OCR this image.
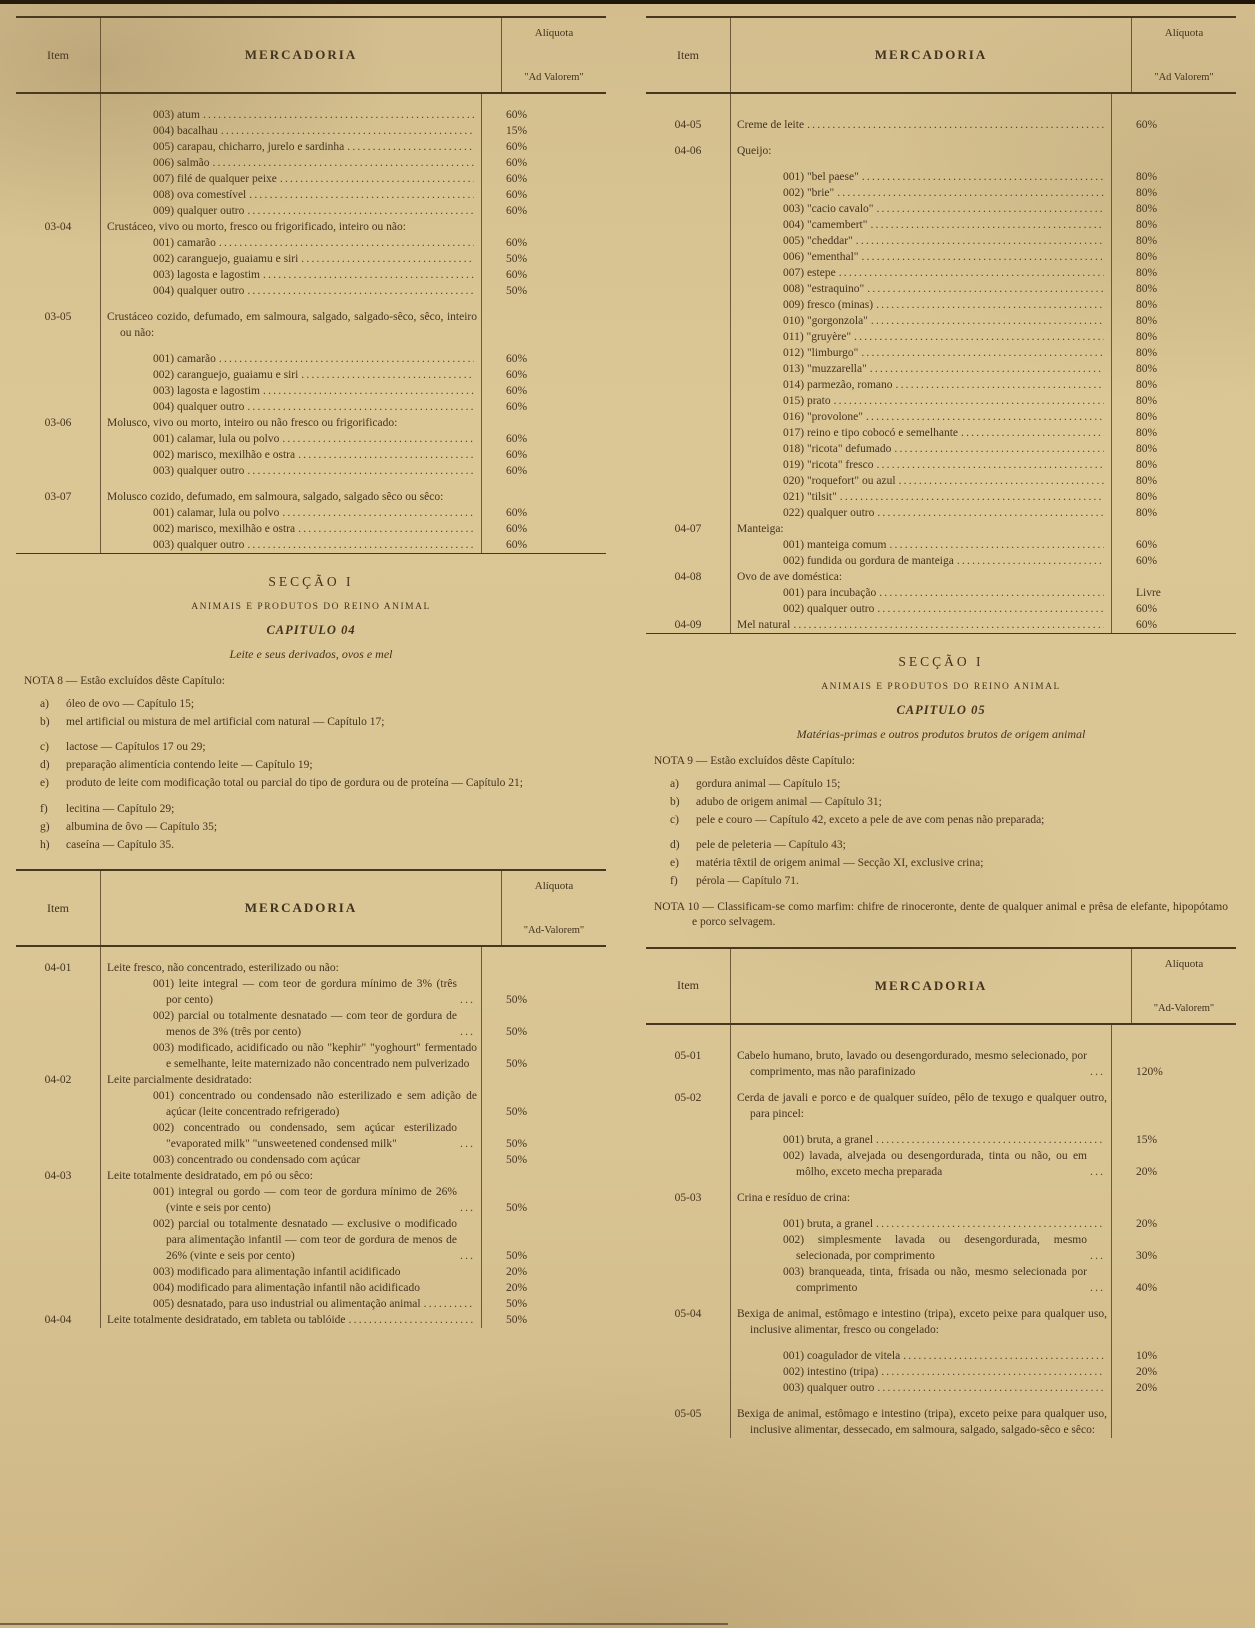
Item	MERCADORIA
Alíquota
"Ad Valorem"
003) atum .....	60%
004) bacalhau .....	15%
005) carapau, chicharro, jurelo e sardinha .....	60%
006) salmão .....	60%
007) filé de qualquer peixe .....	60%
008) ova comestível .....	60%
009) qualquer outro .....	60%
03-04	Crustáceo, vivo ou morto, fresco ou frigorificado, inteiro ou não:
001) camarão .....	60%
002) caranguejo, guaiamu e siri .....	50%
003) lagosta e lagostim .....	60%
004) qualquer outro .....	50%
03-05	Crustáceo cozido, defumado, em salmoura, salgado, salgado-sêco, sêco, inteiro ou não:
001) camarão .....	60%
002) caranguejo, guaiamu e siri .....	60%
003) lagosta e lagostim .....	60%
004) qualquer outro .....	60%
03-06	Molusco, vivo ou morto, inteiro ou não fresco ou frigorificado:
001) calamar, lula ou polvo .....	60%
002) marisco, mexilhão e ostra .....	60%
003) qualquer outro .....	60%
03-07	Molusco cozido, defumado, em salmoura, salgado, salgado sêco ou sêco:
001) calamar, lula ou polvo .....	60%
002) marisco, mexilhão e ostra .....	60%
003) qualquer outro .....	60%
SECÇÃO I
ANIMAIS E PRODUTOS DO REINO ANIMAL
CAPITULO 04
Leite e seus derivados, ovos e mel
NOTA 8 — Estão excluídos dêste Capítulo:
a)	óleo de ovo — Capítulo 15;
b)	mel artificial ou mistura de mel artificial com natural — Capítulo 17;
c)	lactose — Capítulos 17 ou 29;
d)	preparação alimentícia contendo leite — Capítulo 19;
e)	produto de leite com modificação total ou parcial do tipo de gordura ou de proteína — Capítulo 21;
f)	lecitina — Capítulo 29;
g)	albumina de ôvo — Capítulo 35;
h)	caseína — Capítulo 35.
Item	MERCADORIA
Alíquota
"Ad-Valorem"
04-01	Leite fresco, não concentrado, esterilizado ou não:
001) leite integral — com teor de gordura mínimo de 3% (três por cento) .....	50%
002) parcial ou totalmente desnatado — com teor de gordura de menos de 3% (três por cento) .....	50%
003) modificado, acidificado ou não "kephir" "yoghourt" fermentado e semelhante, leite maternizado não concentrado nem pulverizado	50%
04-02	Leite parcialmente desidratado:
001) concentrado ou condensado não esterilizado e sem adição de açúcar (leite concentrado refrigerado)	50%
002) concentrado ou condensado, sem açúcar esterilizado "evaporated milk" "unsweetened condensed milk" .....	50%
003) concentrado ou condensado com açúcar	50%
04-03	Leite totalmente desidratado, em pó ou sêco:
001) integral ou gordo — com teor de gordura mínimo de 26% (vinte e seis por cento) .....	50%
002) parcial ou totalmente desnatado — exclusive o modificado para alimentação infantil — com teor de gordura de menos de 26% (vinte e seis por cento) .....	50%
003) modificado para alimentação infantil acidificado	20%
004) modificado para alimentação infantil não acidificado	20%
005) desnatado, para uso industrial ou alimentação animal .....	50%
04-04	Leite totalmente desidratado, em tableta ou tablóide .....	50%
Item	MERCADORIA
Alíquota
"Ad Valorem"
04-05	Creme de leite .....	60%
04-06	Queijo:
001) "bel paese" .....	80%
002) "brie" .....	80%
003) "cacio cavalo" .....	80%
004) "camembert" .....	80%
005) "cheddar" .....	80%
006) "ementhal" .....	80%
007) estepe .....	80%
008) "estraquino" .....	80%
009) fresco (minas) .....	80%
010) "gorgonzola" .....	80%
011) "gruyère" .....	80%
012) "limburgo" .....	80%
013) "muzzarella" .....	80%
014) parmezão, romano .....	80%
015) prato .....	80%
016) "provolone" .....	80%
017) reino e tipo cobocó e semelhante .....	80%
018) "ricota" defumado .....	80%
019) "ricota" fresco .....	80%
020) "roquefort" ou azul .....	80%
021) "tilsit" .....	80%
022) qualquer outro .....	80%
04-07	Manteiga:
001) manteiga comum .....	60%
002) fundida ou gordura de manteiga .....	60%
04-08	Ovo de ave doméstica:
001) para incubação .....	Livre
002) qualquer outro .....	60%
04-09	Mel natural .....	60%
SECÇÃO I
ANIMAIS E PRODUTOS DO REINO ANIMAL
CAPITULO 05
Matérias-primas e outros produtos brutos de origem animal
NOTA 9 — Estão excluídos dêste Capítulo:
a)	gordura animal — Capítulo 15;
b)	adubo de origem animal — Capítulo 31;
c)	pele e couro — Capítulo 42, exceto a pele de ave com penas não preparada;
d)	pele de peleteria — Capítulo 43;
e)	matéria têxtil de origem animal — Secção XI, exclusive crina;
f)	pérola — Capítulo 71.
NOTA 10 — Classificam-se como marfim: chifre de rinoceronte, dente de qualquer animal e prêsa de elefante, hipopótamo e porco selvagem.
Item	MERCADORIA
Alíquota
"Ad-Valorem"
05-01	Cabelo humano, bruto, lavado ou desengordurado, mesmo selecionado, por comprimento, mas não parafinizado .....	120%
05-02	Cerda de javali e porco e de qualquer suídeo, pêlo de texugo e qualquer outro, para pincel:
001) bruta, a granel .....	15%
002) lavada, alvejada ou desengordurada, tinta ou não, ou em môlho, exceto mecha preparada .....	20%
05-03	Crina e resíduo de crina:
001) bruta, a granel .....	20%
002) simplesmente lavada ou desengordurada, mesmo selecionada, por comprimento .....	30%
003) branqueada, tinta, frisada ou não, mesmo selecionada por comprimento .....	40%
05-04	Bexiga de animal, estômago e intestino (tripa), exceto peixe para qualquer uso, inclusive alimentar, fresco ou congelado:
001) coagulador de vitela .....	10%
002) intestino (tripa) .....	20%
003) qualquer outro .....	20%
05-05	Bexiga de animal, estômago e intestino (tripa), exceto peixe para qualquer uso, inclusive alimentar, dessecado, em salmoura, salgado, salgado-sêco e sêco:
